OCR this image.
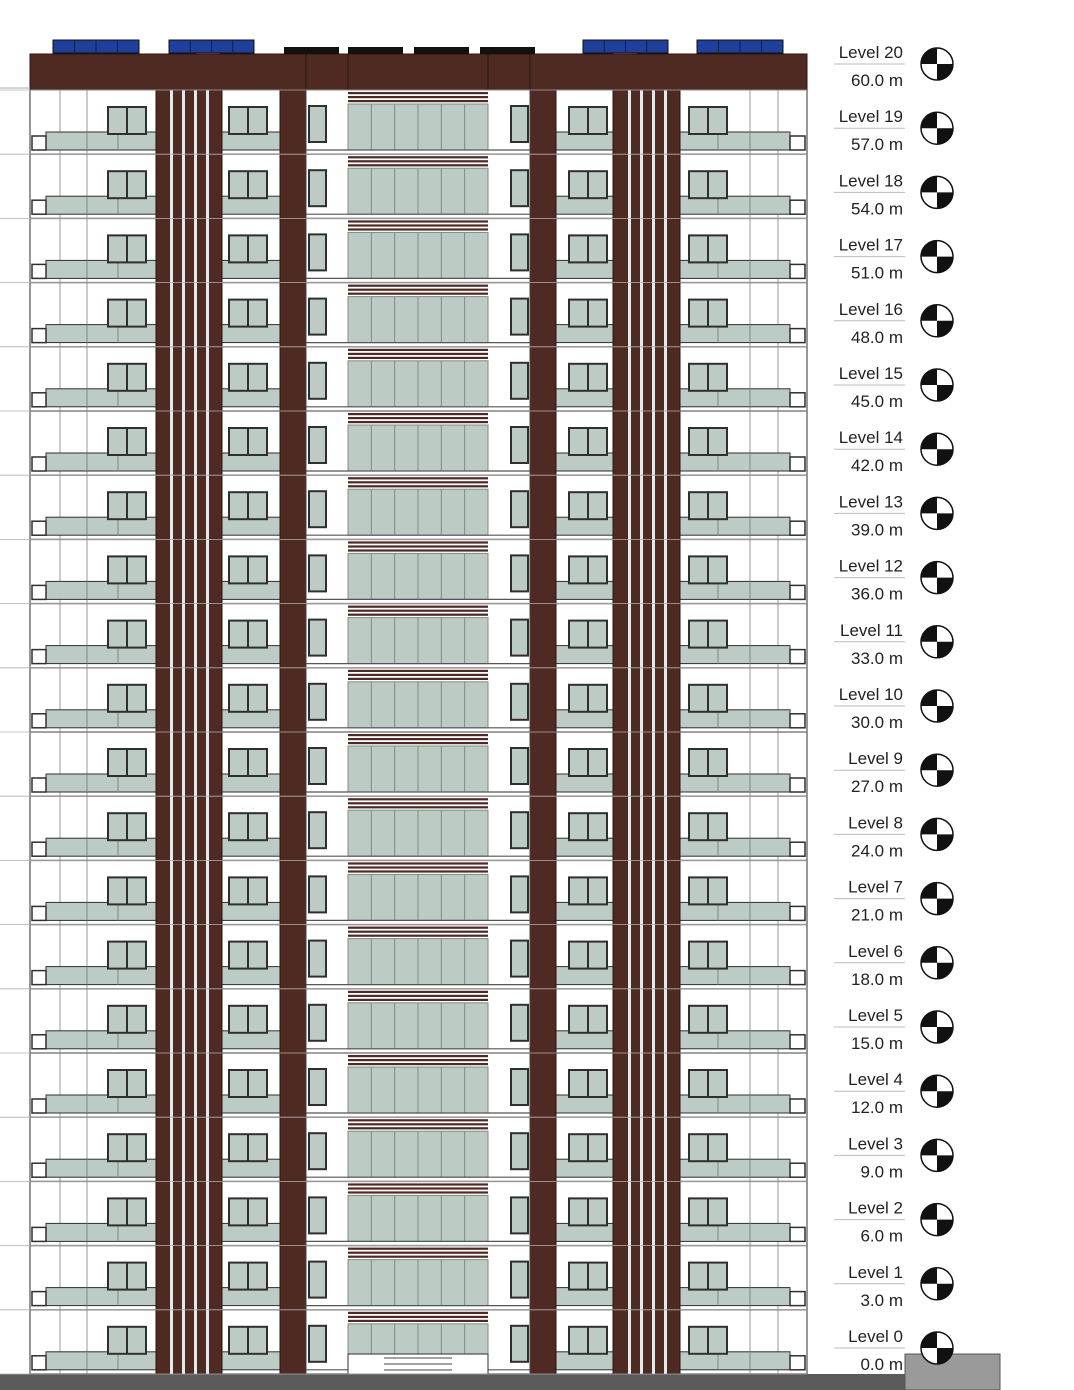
Level 20
60.0 m
Level 19
57.0 m
Level 18
54.0 m
Level 17
51.0 m
Level 16
48.0 m
Level 15
45.0 m
Level 14
42.0 m
Level 13
39.0 m
Level 12
36.0 m
Level 11
33.0 m
Level 10
30.0 m
Level 9
27.0 m
Level 8
24.0 m
Level 7
21.0 m
Level 6
18.0 m
Level 5
15.0 m
Level 4
12.0 m
Level 3
9.0 m
Level 2
6.0 m
Level 1
3.0 m
Level 0
0.0 m
